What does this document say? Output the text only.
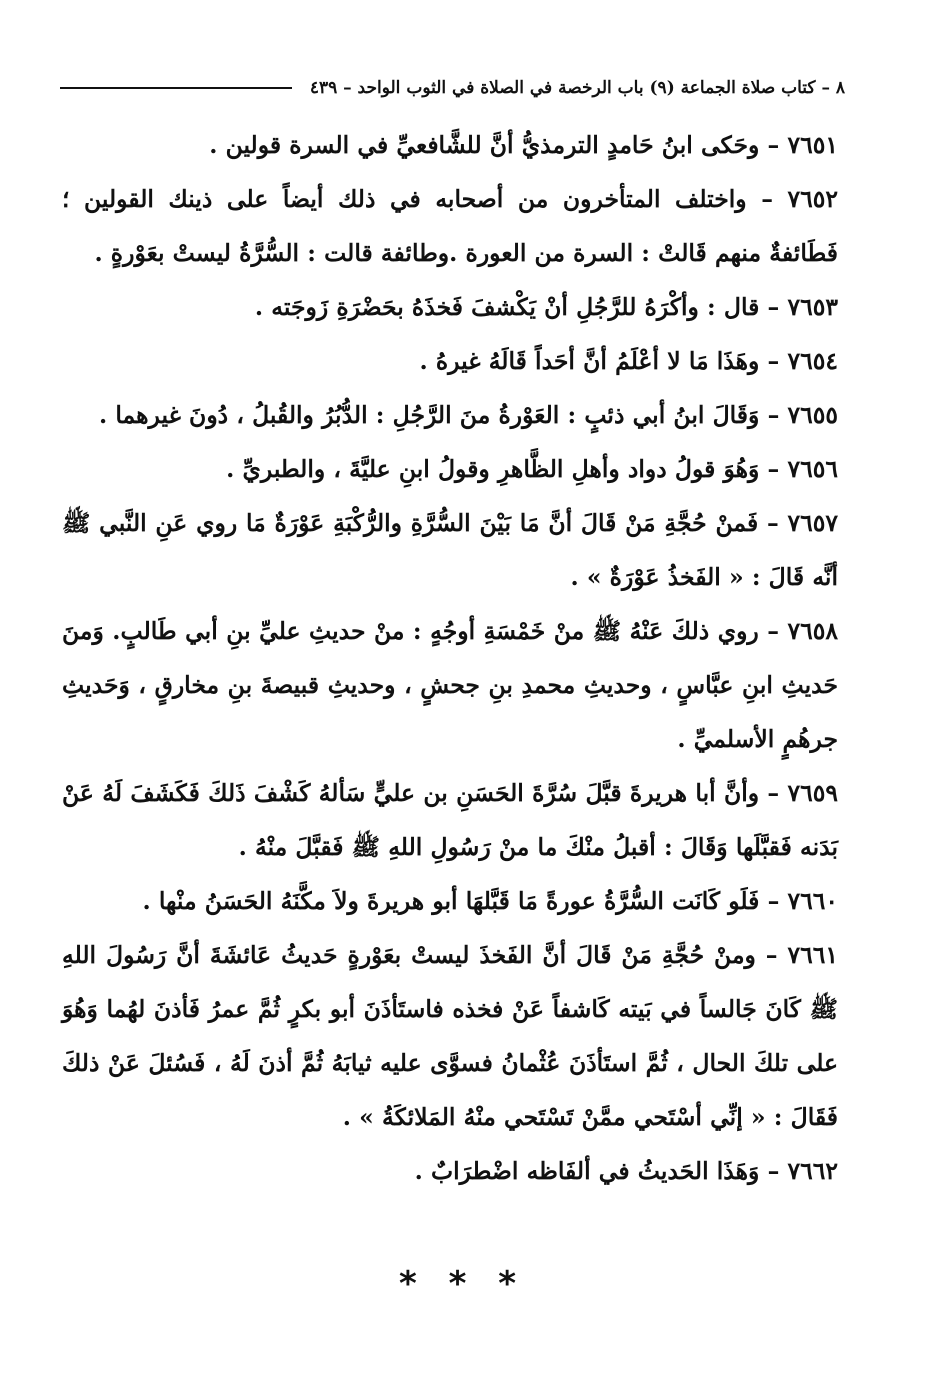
٨ – كتاب صلاة الجماعة (٩) باب الرخصة في الصلاة في الثوب الواحد – ٤٣٩

٧٦٥١ – وحَكى ابنُ حَامدٍ الترمذيُّ أنَّ للشَّافعيِّ في السرة قولين .

٧٦٥٢ – واختلف المتأخرون من أصحابه في ذلك أيضاً على ذينك القولين ؛ فَطَائفةٌ منهم قَالتْ : السرة من العورة .وطائفة قالت : السُّرَّةُ ليستْ بعَوْرةٍ .

٧٦٥٣ – قال : وأكْرَهُ للرَّجُلِ أنْ يَكْشفَ فَخذَهُ بحَضْرَةِ زَوجَته .

٧٦٥٤ – وهَذَا مَا لا أعْلَمُ أنَّ أحَداً قَالَهُ غيرهُ .

٧٦٥٥ – وَقَالَ ابنُ أبي ذئبٍ : العَوْرةُ منَ الرَّجُلِ : الدُّبُرُ والقُبلُ ، دُونَ غيرهما .

٧٦٥٦ – وَهُوَ قولُ دواد وأهلِ الظَّاهرِ وقولُ ابنِ عليَّةَ ، والطبريِّ .

٧٦٥٧ – فَمنْ حُجَّةِ مَنْ قَالَ أنَّ مَا بَيْنَ السُّرَّةِ والرُّكْبَةِ عَوْرَةٌ مَا روي عَنِ النَّبي ﷺ أنَّه قَالَ : « الفَخذُ عَوْرَةٌ » .

٧٦٥٨ – روي ذلكَ عَنْهُ ﷺ منْ خَمْسَةِ أوجُهٍ : منْ حديثِ عليِّ بنِ أبي طَالبٍ. وَمنَ حَديثِ ابنِ عبَّاسٍ ، وحديثِ محمدِ بنِ جحشٍ ، وحديثِ قبيصةَ بنِ مخارقٍ ، وَحَديثِ جرهُمٍ الأسلميِّ .

٧٦٥٩ – وأنَّ أبا هريرةَ قبَّلَ سُرَّةَ الحَسَنِ بن عليٍّ سَألهُ كَشْفَ ذَلكَ فَكَشَفَ لَهُ عَنْ بَدَنه فَقبَّلَها وَقَالَ : أقبلُ منْكَ ما منْ رَسُولِ اللهِ ﷺ فَقبَّلَ منْهُ .

٧٦٦٠ – فَلَو كَانَت السُّرَّةُ عورةً مَا قَبَّلهَا أبو هريرةَ ولاَ مكَّنَهُ الحَسَنُ منْها .

٧٦٦١ – ومنْ حُجَّةِ مَنْ قَالَ أنَّ الفَخذَ ليستْ بعَوْرةٍ حَديثُ عَائشَةَ أنَّ رَسُولَ اللهِ ﷺ كَانَ جَالساً في بَيته كَاشفاً عَنْ فخذه فاستَأذَنَ أبو بكرٍ ثُمَّ عمرُ فَأذنَ لهُما وَهُوَ على تلكَ الحال ، ثُمَّ استَأذَنَ عُثْمانُ فسوَّى عليه ثيابَهُ ثُمَّ أذنَ لَهُ ، فَسُئلَ عَنْ ذلكَ فَقَالَ : « إنِّي أسْتَحي ممَّنْ تَسْتَحي منْهُ المَلائكَةُ » .

٧٦٦٢ – وَهَذَا الحَديثُ في ألفَاظه اضْطرَابٌ .

* * *
